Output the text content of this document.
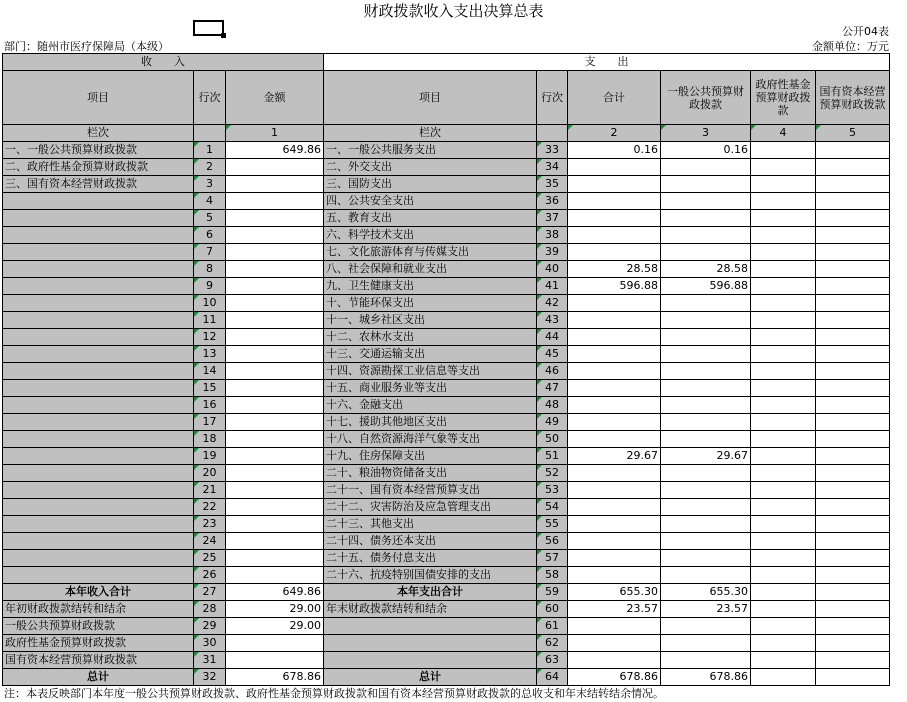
财政拨款收入支出决算总表
公开04表
部门：随州市医疗保障局（本级）	金额单位：万元
收　　入			支　　出					
项目	行次	金额	项目	行次	合计	一般公共预算财政拨款	政府性基金预算财政拨款	国有资本经营预算财政拨款
栏次		1	栏次		2	3	4	5
一、一般公共预算财政拨款	1	649.86	一、一般公共服务支出	33	0.16	0.16		
二、政府性基金预算财政拨款	2		二、外交支出	34				
三、国有资本经营财政拨款	3		三、国防支出	35				
	4		四、公共安全支出	36				
	5		五、教育支出	37				
	6		六、科学技术支出	38				
	7		七、文化旅游体育与传媒支出	39				
	8		八、社会保障和就业支出	40	28.58	28.58		
	9		九、卫生健康支出	41	596.88	596.88		
	10		十、节能环保支出	42				
	11		十一、城乡社区支出	43				
	12		十二、农林水支出	44				
	13		十三、交通运输支出	45				
	14		十四、资源勘探工业信息等支出	46				
	15		十五、商业服务业等支出	47				
	16		十六、金融支出	48				
	17		十七、援助其他地区支出	49				
	18		十八、自然资源海洋气象等支出	50				
	19		十九、住房保障支出	51	29.67	29.67		
	20		二十、粮油物资储备支出	52				
	21		二十一、国有资本经营预算支出	53				
	22		二十二、灾害防治及应急管理支出	54				
	23		二十三、其他支出	55				
	24		二十四、债务还本支出	56				
	25		二十五、债务付息支出	57				
	26		二十六、抗疫特别国债安排的支出	58				
本年收入合计	27	649.86	本年支出合计	59	655.30	655.30		
年初财政拨款结转和结余	28	29.00	年末财政拨款结转和结余	60	23.57	23.57		
一般公共预算财政拨款	29	29.00		61				
政府性基金预算财政拨款	30			62				
国有资本经营预算财政拨款	31			63				
总计	32	678.86	总计	64	678.86	678.86		
注：本表反映部门本年度一般公共预算财政拨款、政府性基金预算财政拨款和国有资本经营预算财政拨款的总收支和年末结转结余情况。
